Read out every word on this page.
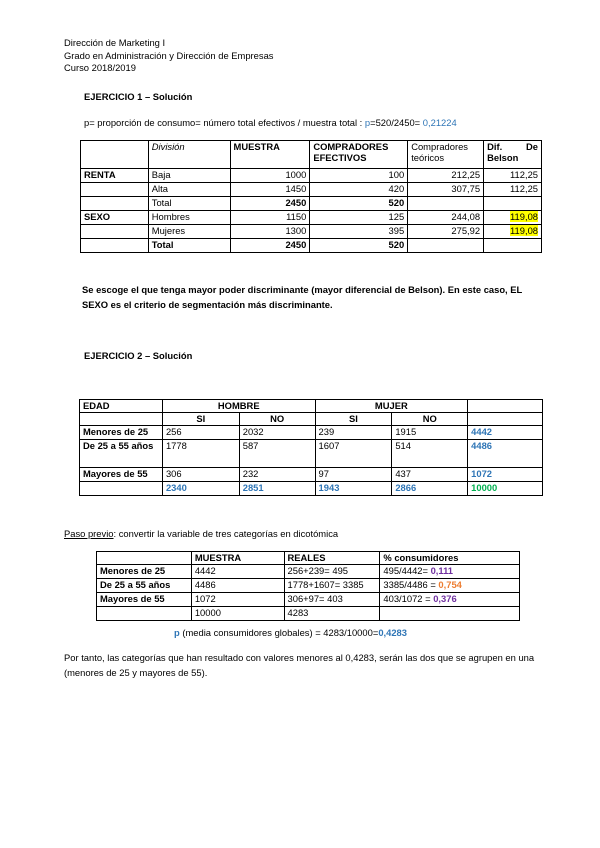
Dirección de Marketing I
Grado en Administración y Dirección de Empresas
Curso 2018/2019
EJERCICIO 1 – Solución
p= proporción de consumo= número total efectivos / muestra total : p=520/2450= 0,21224
	División	MUESTRA	COMPRADORES EFECTIVOS	Compradores teóricos	Dif. De Belson
RENTA	Baja	1000	100	212,25	112,25
	Alta	1450	420	307,75	112,25
	Total	2450	520		
SEXO	Hombres	1150	125	244,08	119,08
	Mujeres	1300	395	275,92	119,08
	Total	2450	520		
Se escoge el que tenga mayor poder discriminante (mayor diferencial de Belson). En este caso, EL SEXO es el criterio de segmentación más discriminante.
EJERCICIO 2 – Solución
EDAD	HOMBRE		MUJER		
	SI	NO	SI	NO	
Menores de 25	256	2032	239	1915	4442
De 25 a 55 años	1778	587	1607	514	4486
Mayores de 55	306	232	97	437	1072
	2340	2851	1943	2866	10000
Paso previo: convertir la variable de tres categorías en dicotómica
	MUESTRA	REALES	% consumidores
Menores de 25	4442	256+239= 495	495/4442= 0,111
De 25 a 55 años	4486	1778+1607= 3385	3385/4486 = 0,754
Mayores de 55	1072	306+97= 403	403/1072 = 0,376
	10000	4283	
p (media consumidores globales) = 4283/10000=0,4283
Por tanto, las categorías que han resultado con valores menores al 0,4283, serán las dos que se agrupen en una (menores de 25 y mayores de 55).
